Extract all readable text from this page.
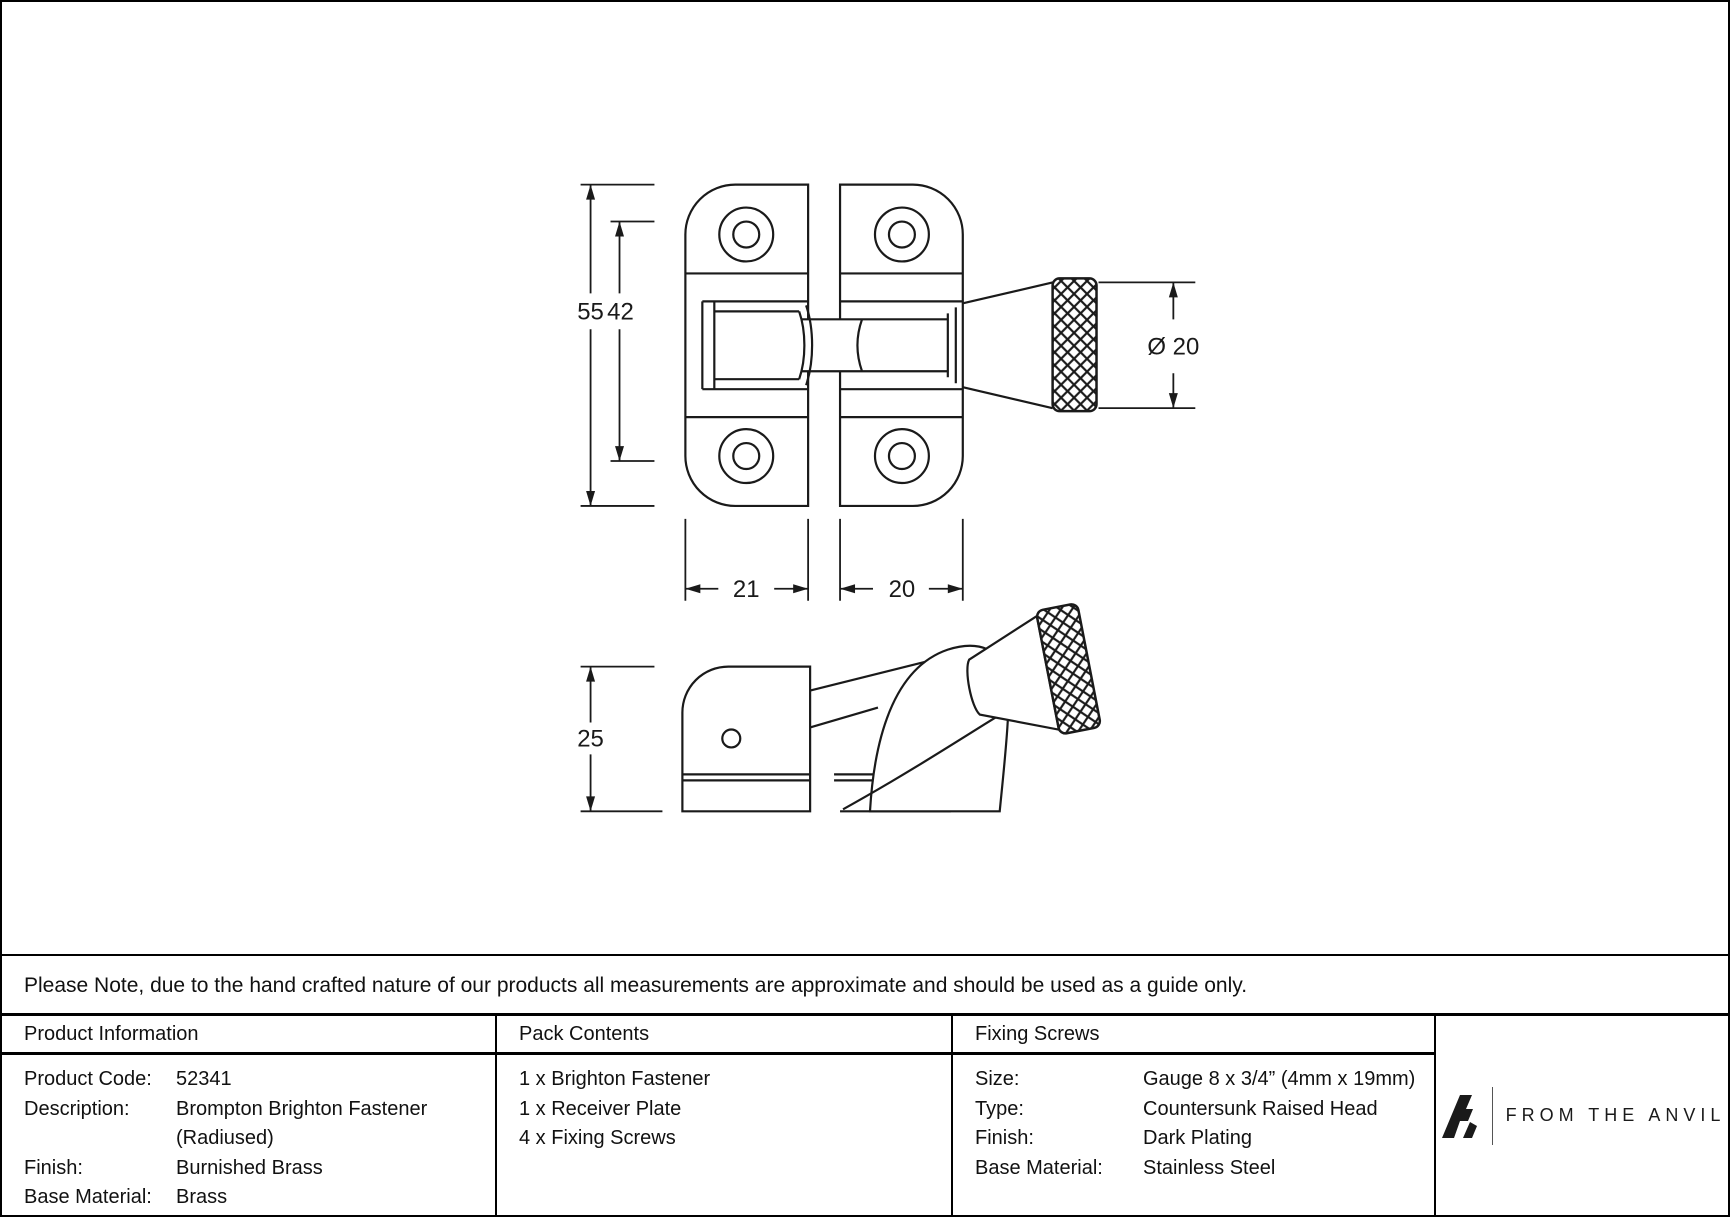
55 42
Ø 20
21	20
25
Please Note, due to the hand crafted nature of our products all measurements are approximate and should be used as a guide only.
Product Information
Product Code:	52341
Description:	Brompton Brighton Fastener
(Radiused)
Finish:	Burnished Brass
Base Material:	Brass
Pack Contents
1 x Brighton Fastener
1 x Receiver Plate
4 x Fixing Screws
Fixing Screws
Size:	Gauge 8 x 3/4” (4mm x 19mm)
Type:	Countersunk Raised Head
Finish:	Dark Plating
Base Material:	Stainless Steel
FROM THE ANVIL
